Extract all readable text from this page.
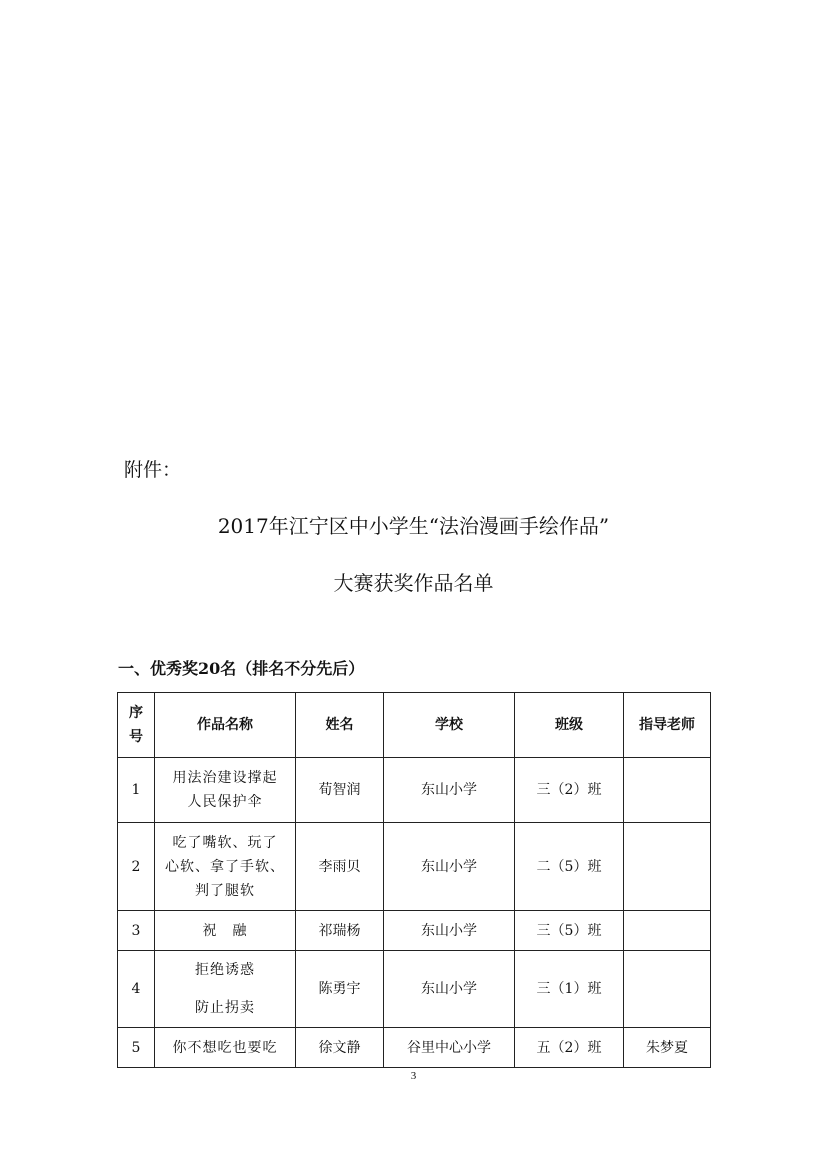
附件：
2017年江宁区中小学生“法治漫画手绘作品”
大赛获奖作品名单
一、优秀奖20名（排名不分先后）
序
号	作品名称	姓名	学校	班级	指导老师
1	用法治建设撑起
人民保护伞	荀智润	东山小学	三（2）班	
2	吃了嘴软、玩了
心软、拿了手软、
判了腿软	李雨贝	东山小学	二（5）班	
3	祝　融	祁瑞杨	东山小学	三（5）班	
4	拒绝诱惑
防止拐卖	陈勇宇	东山小学	三（1）班	
5	你不想吃也要吃	徐文静	谷里中心小学	五（2）班	朱梦夏
3
